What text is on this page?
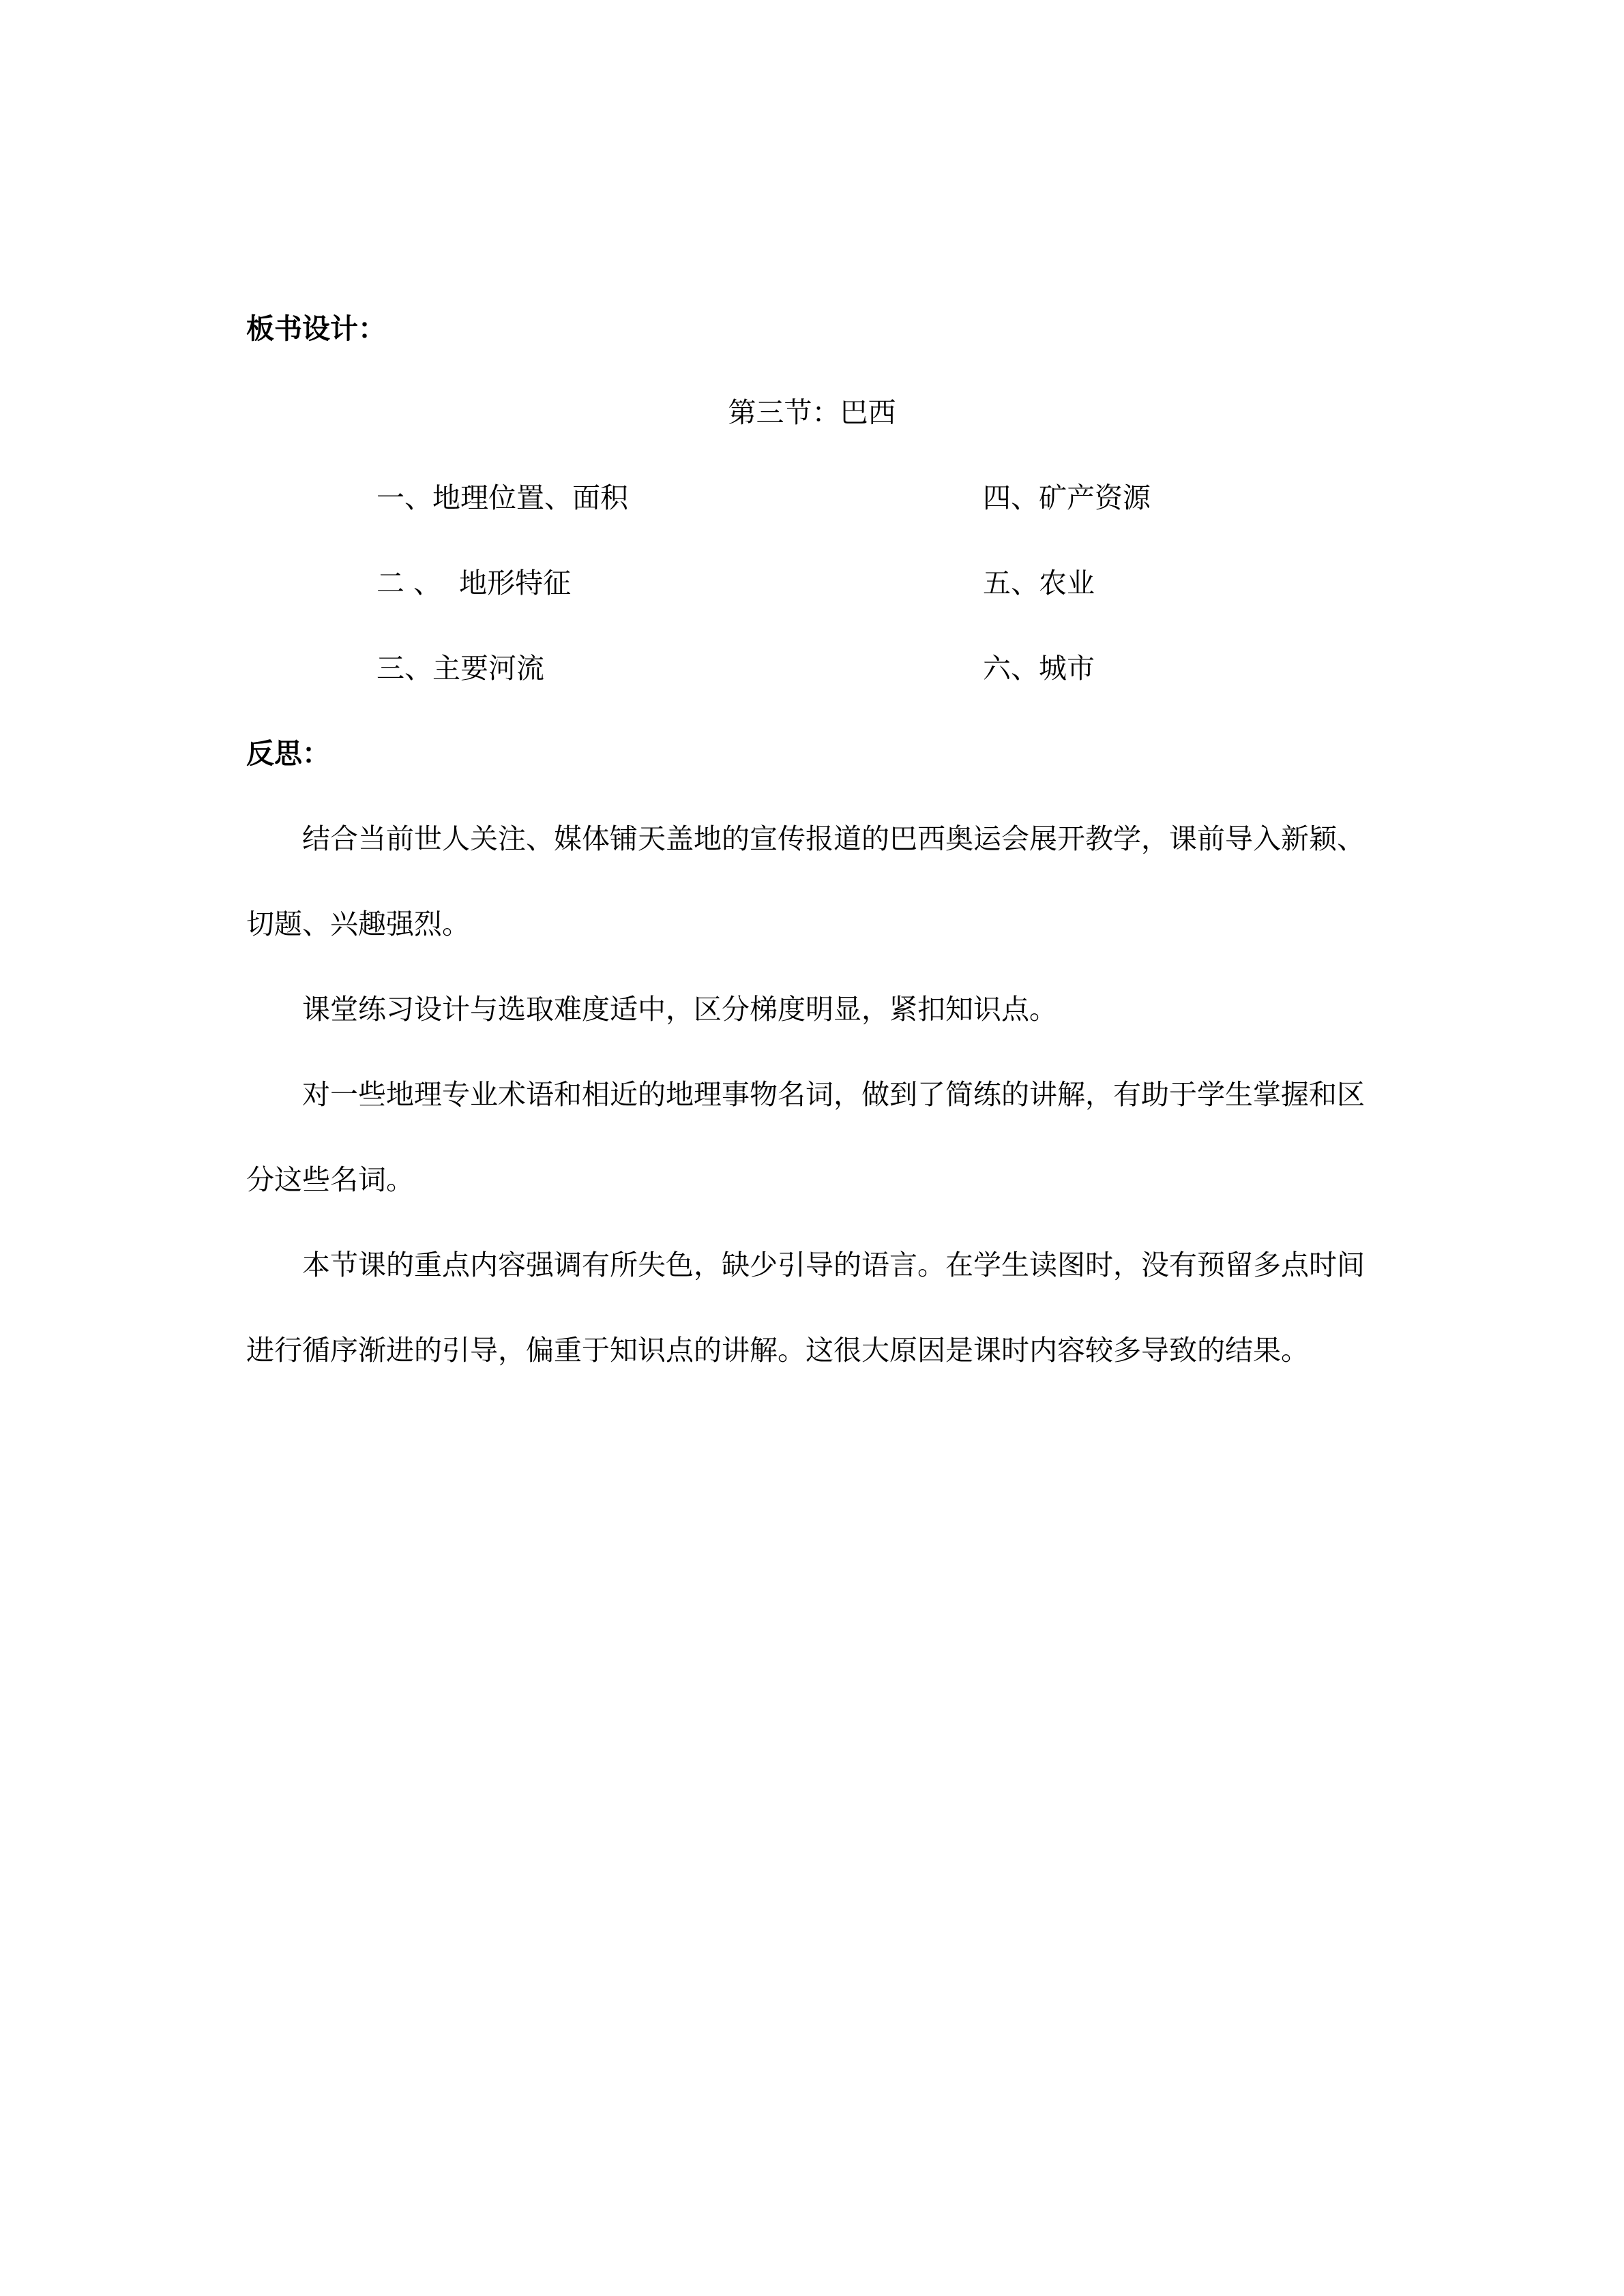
板书设计：
第三节：巴西
一、地理位置、面积
二 、  地形特征
三、主要河流
四、矿产资源
五、农业
六、城市
反思：
结合当前世人关注、媒体铺天盖地的宣传报道的巴西奥运会展开教学，课前导入新颖、切题、兴趣强烈。
课堂练习设计与选取难度适中，区分梯度明显，紧扣知识点。
对一些地理专业术语和相近的地理事物名词，做到了简练的讲解，有助于学生掌握和区分这些名词。
本节课的重点内容强调有所失色，缺少引导的语言。在学生读图时，没有预留多点时间进行循序渐进的引导，偏重于知识点的讲解。这很大原因是课时内容较多导致的结果。
